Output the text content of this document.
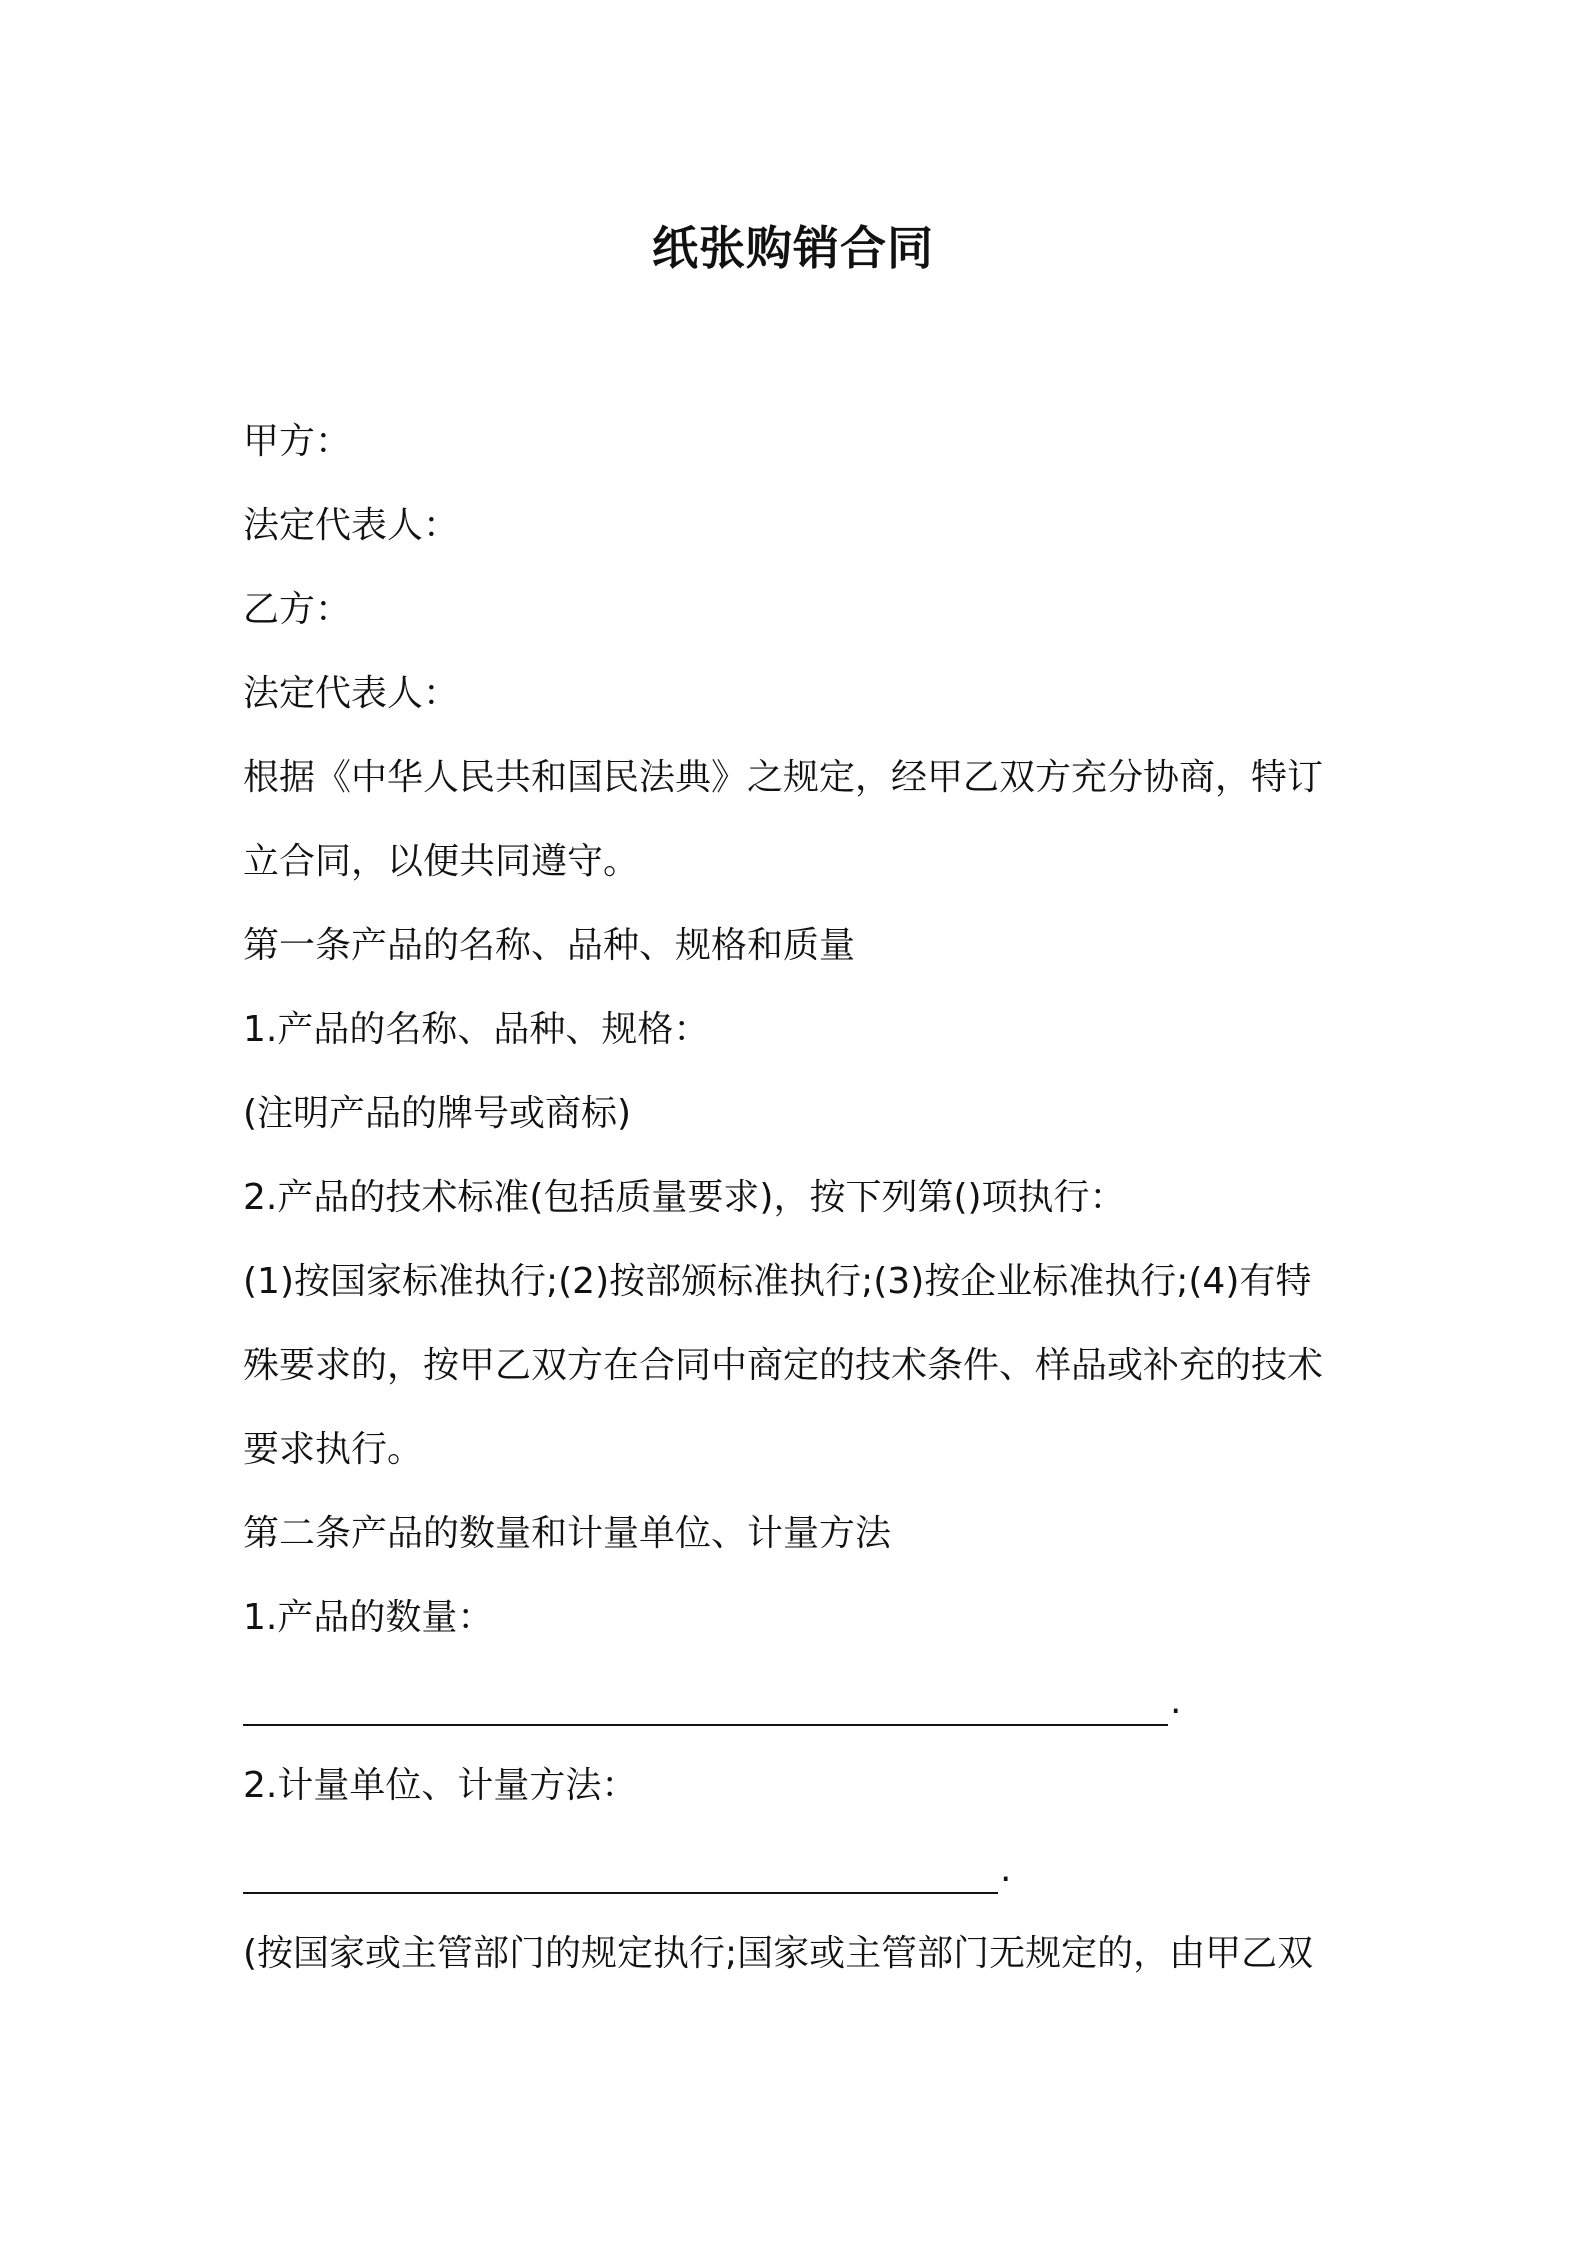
纸张购销合同
甲方：
法定代表人：
乙方：
法定代表人：
根据《中华人民共和国民法典》之规定，经甲乙双方充分协商，特订
立合同，以便共同遵守。
第一条产品的名称、品种、规格和质量
1.产品的名称、品种、规格：
(注明产品的牌号或商标)
2.产品的技术标准(包括质量要求)，按下列第()项执行：
(1)按国家标准执行;(2)按部颁标准执行;(3)按企业标准执行;(4)有特
殊要求的，按甲乙双方在合同中商定的技术条件、样品或补充的技术
要求执行。
第二条产品的数量和计量单位、计量方法
1.产品的数量：
.
2.计量单位、计量方法：
.
(按国家或主管部门的规定执行;国家或主管部门无规定的，由甲乙双
